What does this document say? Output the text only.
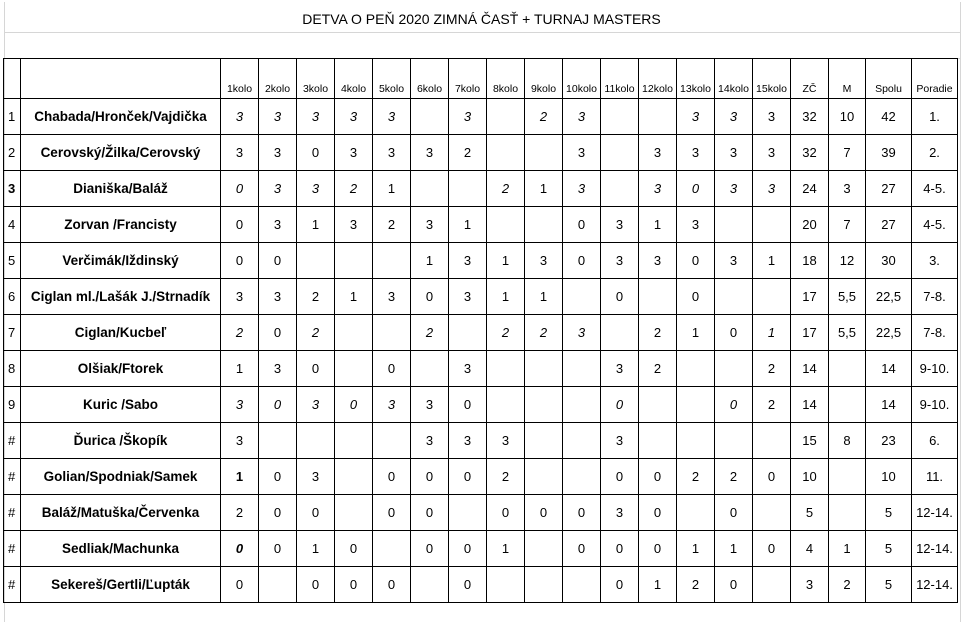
DETVA O PEŇ 2020 ZIMNÁ ČASŤ + TURNAJ MASTERS
		1kolo	2kolo	3kolo	4kolo	5kolo	6kolo	7kolo	8kolo	9kolo	10kolo	11kolo	12kolo	13kolo	14kolo	15kolo	ZČ	M	Spolu	Poradie
1	Chabada/Hronček/Vajdička	3	3	3	3	3		3		2	3			3	3	3	32	10	42	1.
2	Cerovský/Žilka/Cerovský	3	3	0	3	3	3	2			3		3	3	3	3	32	7	39	2.
3	Dianiška/Baláž	0	3	3	2	1			2	1	3		3	0	3	3	24	3	27	4-5.
4	Zorvan /Francisty	0	3	1	3	2	3	1			0	3	1	3			20	7	27	4-5.
5	Verčimák/Iždinský	0	0				1	3	1	3	0	3	3	0	3	1	18	12	30	3.
6	Ciglan ml./Lašák J./Strnadík	3	3	2	1	3	0	3	1	1		0		0			17	5,5	22,5	7-8.
7	Ciglan/Kucbeľ	2	0	2			2		2	2	3		2	1	0	1	17	5,5	22,5	7-8.
8	Olšiak/Ftorek	1	3	0		0		3				3	2			2	14		14	9-10.
9	Kuric /Sabo	3	0	3	0	3	3	0				0			0	2	14		14	9-10.
#	Ďurica /Škopík	3					3	3	3			3					15	8	23	6.
#	Golian/Spodniak/Samek	1	0	3		0	0	0	2			0	0	2	2	0	10		10	11.
#	Baláž/Matuška/Červenka	2	0	0		0	0		0	0	0	3	0		0		5		5	12-14.
#	Sedliak/Machunka	0	0	1	0		0	0	1		0	0	0	1	1	0	4	1	5	12-14.
#	Sekereš/Gertli/Ľupták	0		0	0	0		0				0	1	2	0		3	2	5	12-14.
